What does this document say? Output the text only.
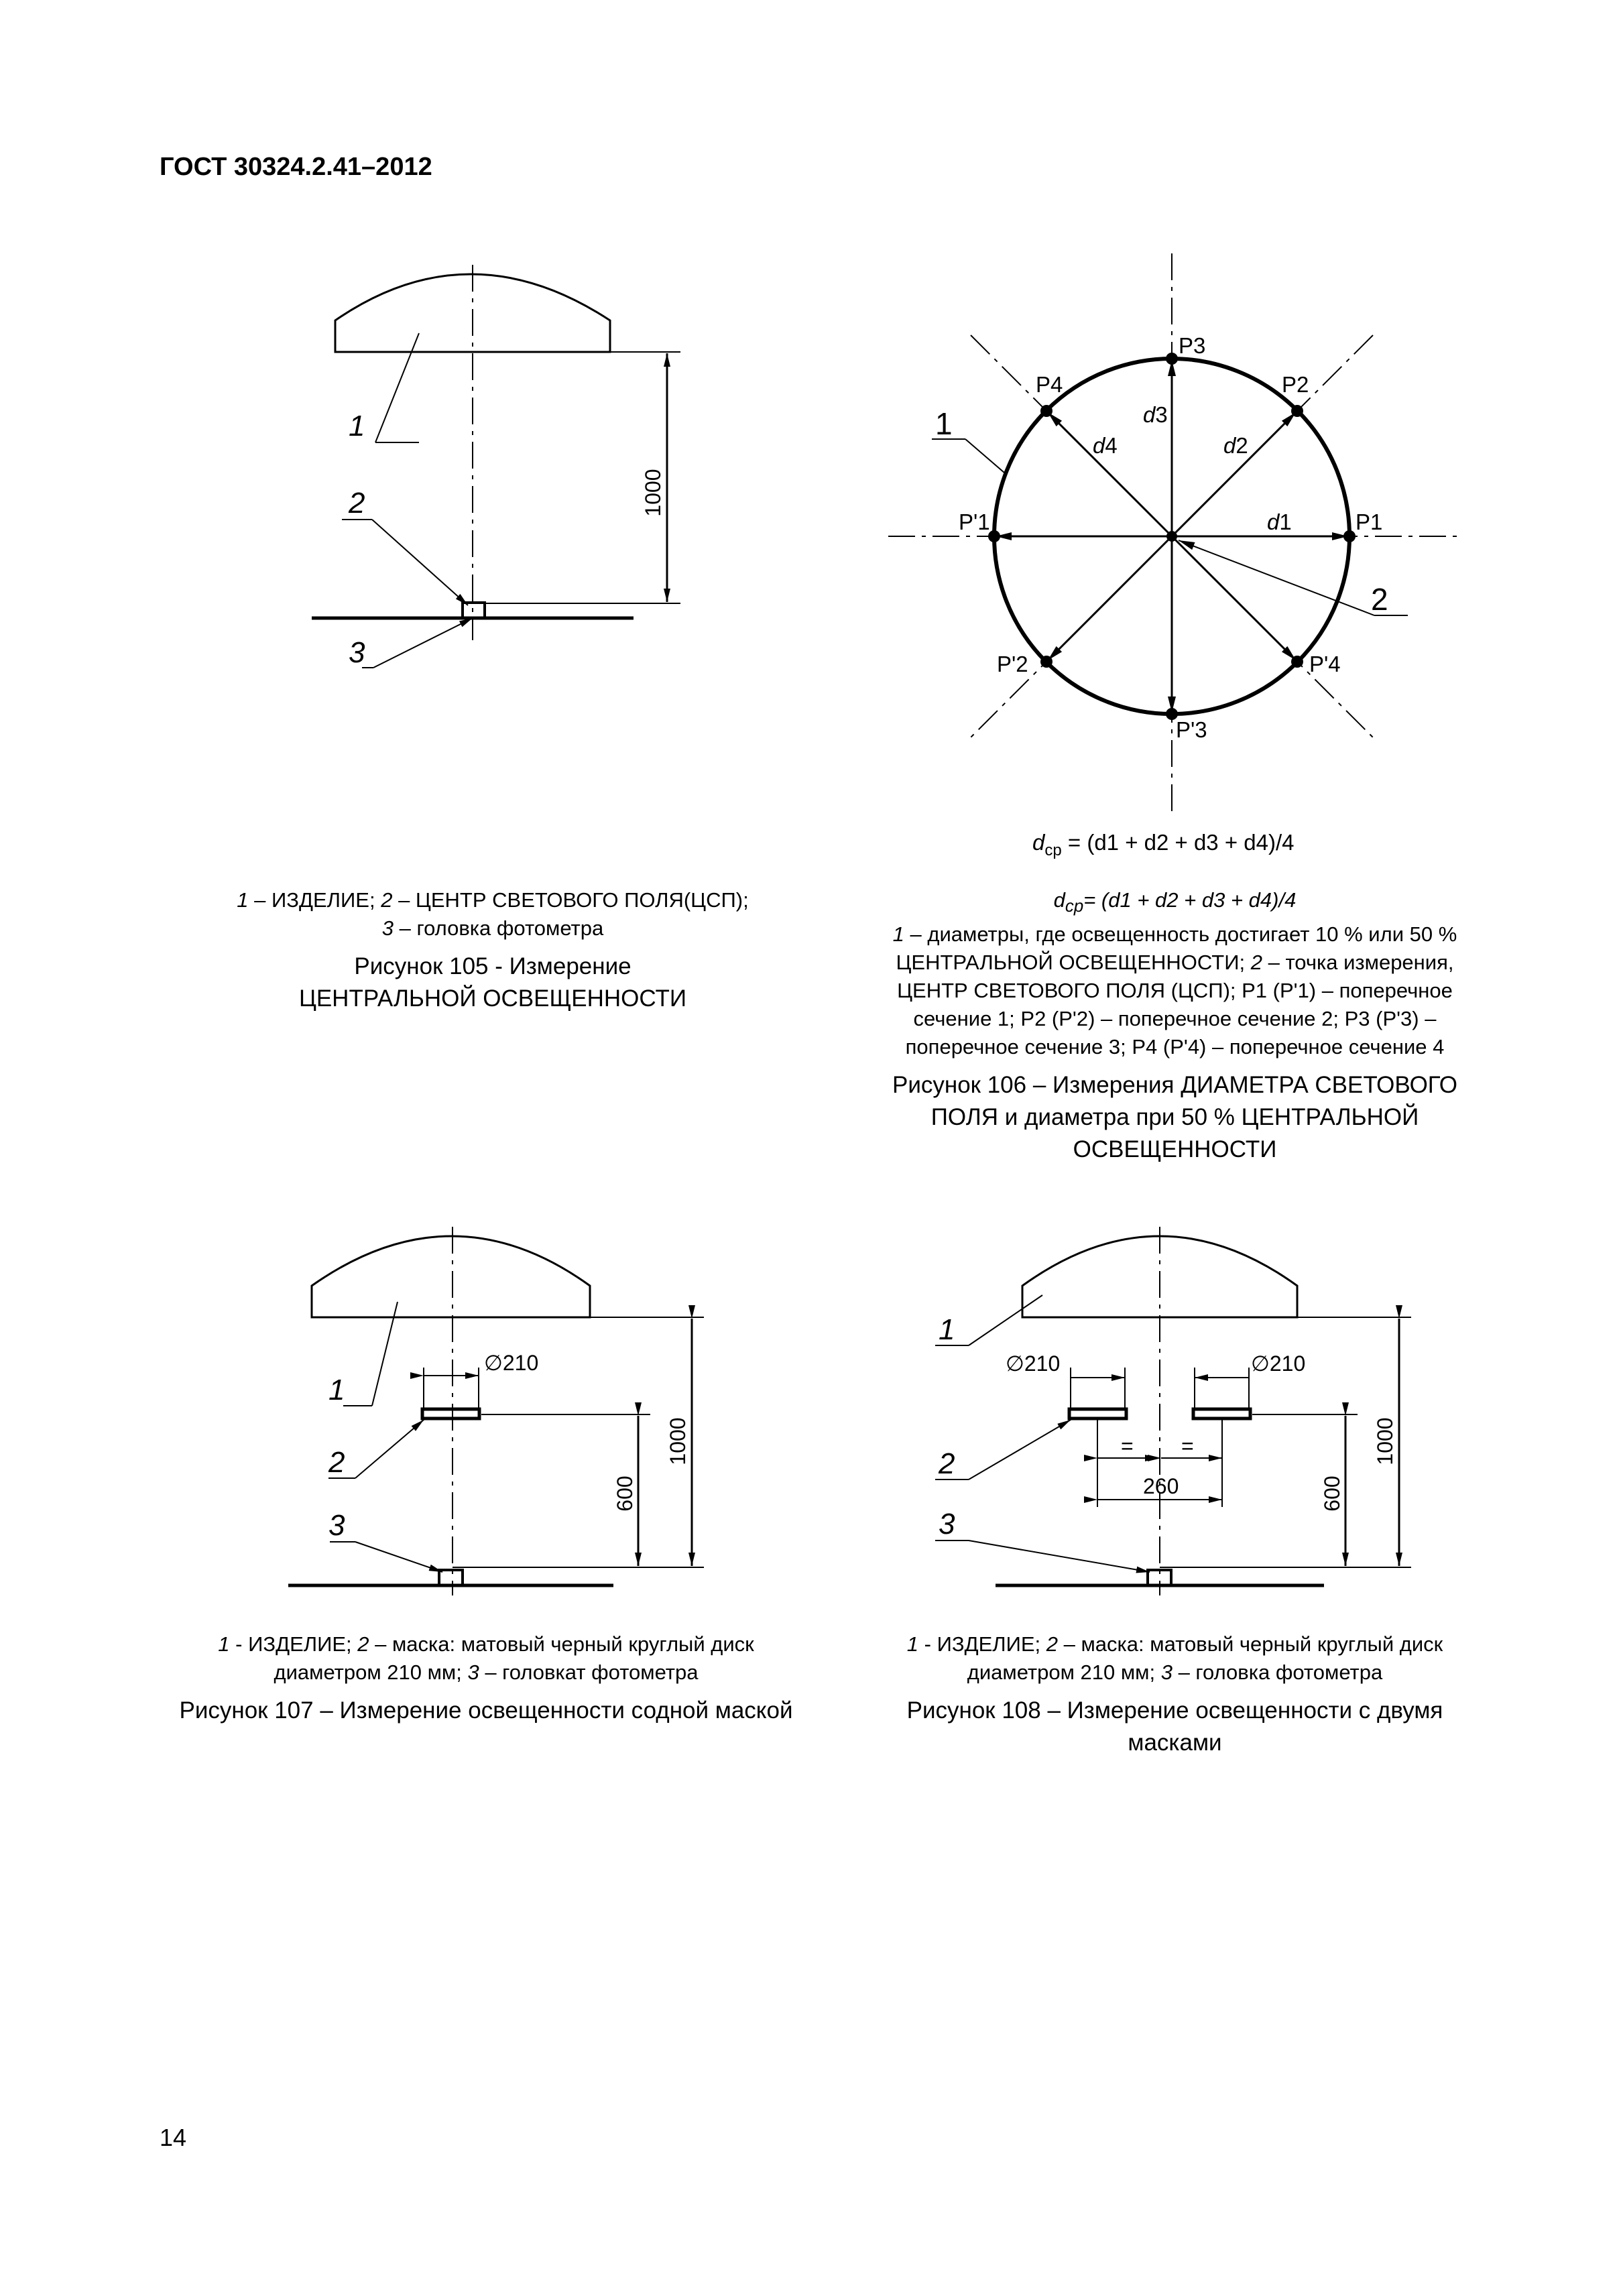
ГОСТ 30324.2.41–2012
1000
1
2
3
1 – ИЗДЕЛИЕ; 2 – ЦЕНТР СВЕТОВОГО ПОЛЯ(ЦСП);
3 – головка фотометра
Рисунок 105 - Измерение ЦЕНТРАЛЬНОЙ ОСВЕЩЕННОСТИ
P1
P'1
P3
P'3
P2
P4
P'2	P'4
d1
d2
d3
d4
1
2
$d_{ср} = (d1 + d2 + d3 + d4)/4$
$d_{cp}= (d1 + d2 + d3 + d4)/4$
1 – диаметры, где освещенность достигает 10 % или 50 % ЦЕНТРАЛЬНОЙ ОСВЕЩЕННОСТИ; 2 – точка измерения, ЦЕНТР СВЕТОВОГО ПОЛЯ (ЦСП); P1 (P'1) – поперечное сечение 1; P2 (P'2) – поперечное сечение 2; P3 (P'3) – поперечное сечение 3; P4 (P'4) – поперечное сечение 4
Рисунок 106 – Измерения ДИАМЕТРА СВЕТОВОГО ПОЛЯ и диаметра при 50 % ЦЕНТРАЛЬНОЙ ОСВЕЩЕННОСТИ
∅210
600
1000
1
2
3
1 - ИЗДЕЛИЕ; 2 – маска: матовый черный круглый диск диаметром 210 мм; 3 – головкат фотометра
Рисунок 107 – Измерение освещенности содной маской
∅210	∅210
= =
260	600
1000
1
2
3
1 - ИЗДЕЛИЕ; 2 – маска: матовый черный круглый диск диаметром 210 мм; 3 – головка фотометра
Рисунок 108 – Измерение освещенности с двумя масками
14
